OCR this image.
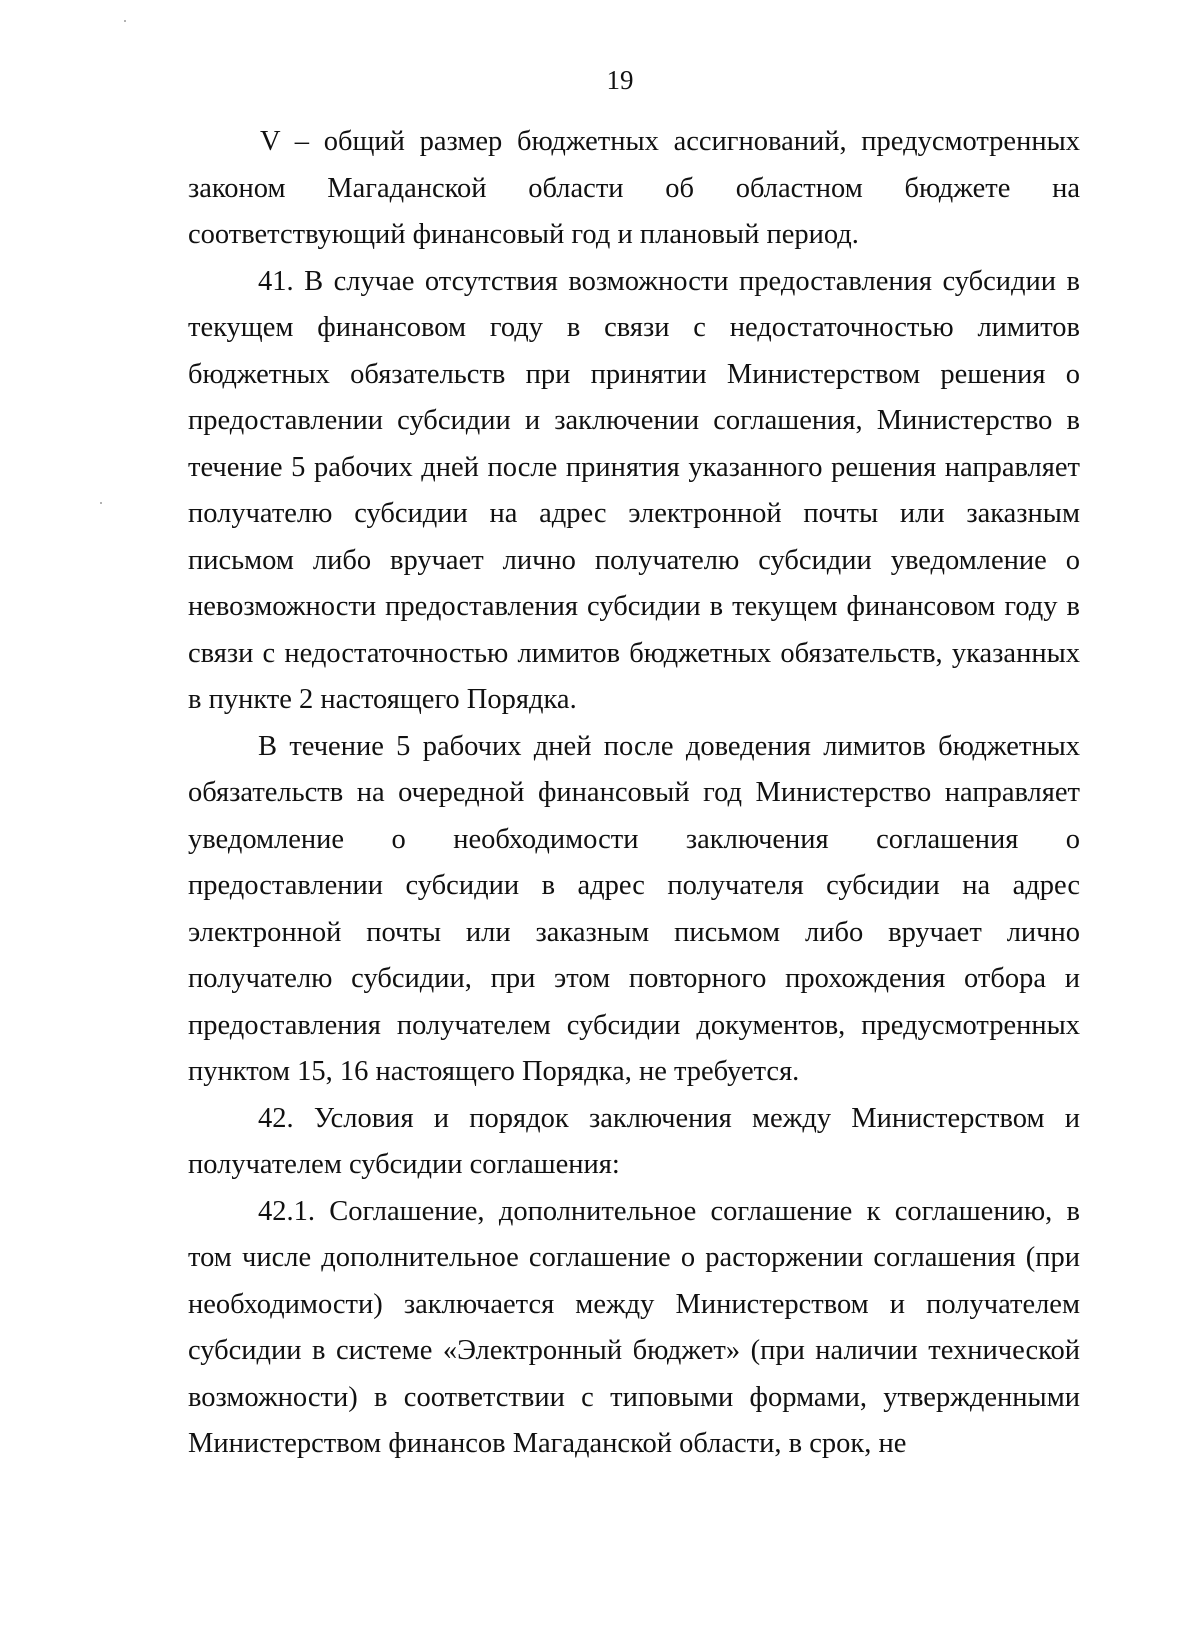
19

V – общий размер бюджетных ассигнований, предусмотренных законом Магаданской области об областном бюджете на соответствующий финансовый год и плановый период.

41. В случае отсутствия возможности предоставления субсидии в текущем финансовом году в связи с недостаточностью лимитов бюджетных обязательств при принятии Министерством решения о предоставлении субсидии и заключении соглашения, Министерство в течение 5 рабочих дней после принятия указанного решения направляет получателю субсидии на адрес электронной почты или заказным письмом либо вручает лично получателю субсидии уведомление о невозможности предоставления субсидии в текущем финансовом году в связи с недостаточностью лимитов бюджетных обязательств, указанных в пункте 2 настоящего Порядка.

В течение 5 рабочих дней после доведения лимитов бюджетных обязательств на очередной финансовый год Министерство направляет уведомление о необходимости заключения соглашения о предоставлении субсидии в адрес получателя субсидии на адрес электронной почты или заказным письмом либо вручает лично получателю субсидии, при этом повторного прохождения отбора и предоставления получателем субсидии документов, предусмотренных пунктом 15, 16 настоящего Порядка, не требуется.

42. Условия и порядок заключения между Министерством и получателем субсидии соглашения:

42.1. Соглашение, дополнительное соглашение к соглашению, в том числе дополнительное соглашение о расторжении соглашения (при необходимости) заключается между Министерством и получателем субсидии в системе «Электронный бюджет» (при наличии технической возможности) в соответствии с типовыми формами, утвержденными Министерством финансов Магаданской области, в срок, не
